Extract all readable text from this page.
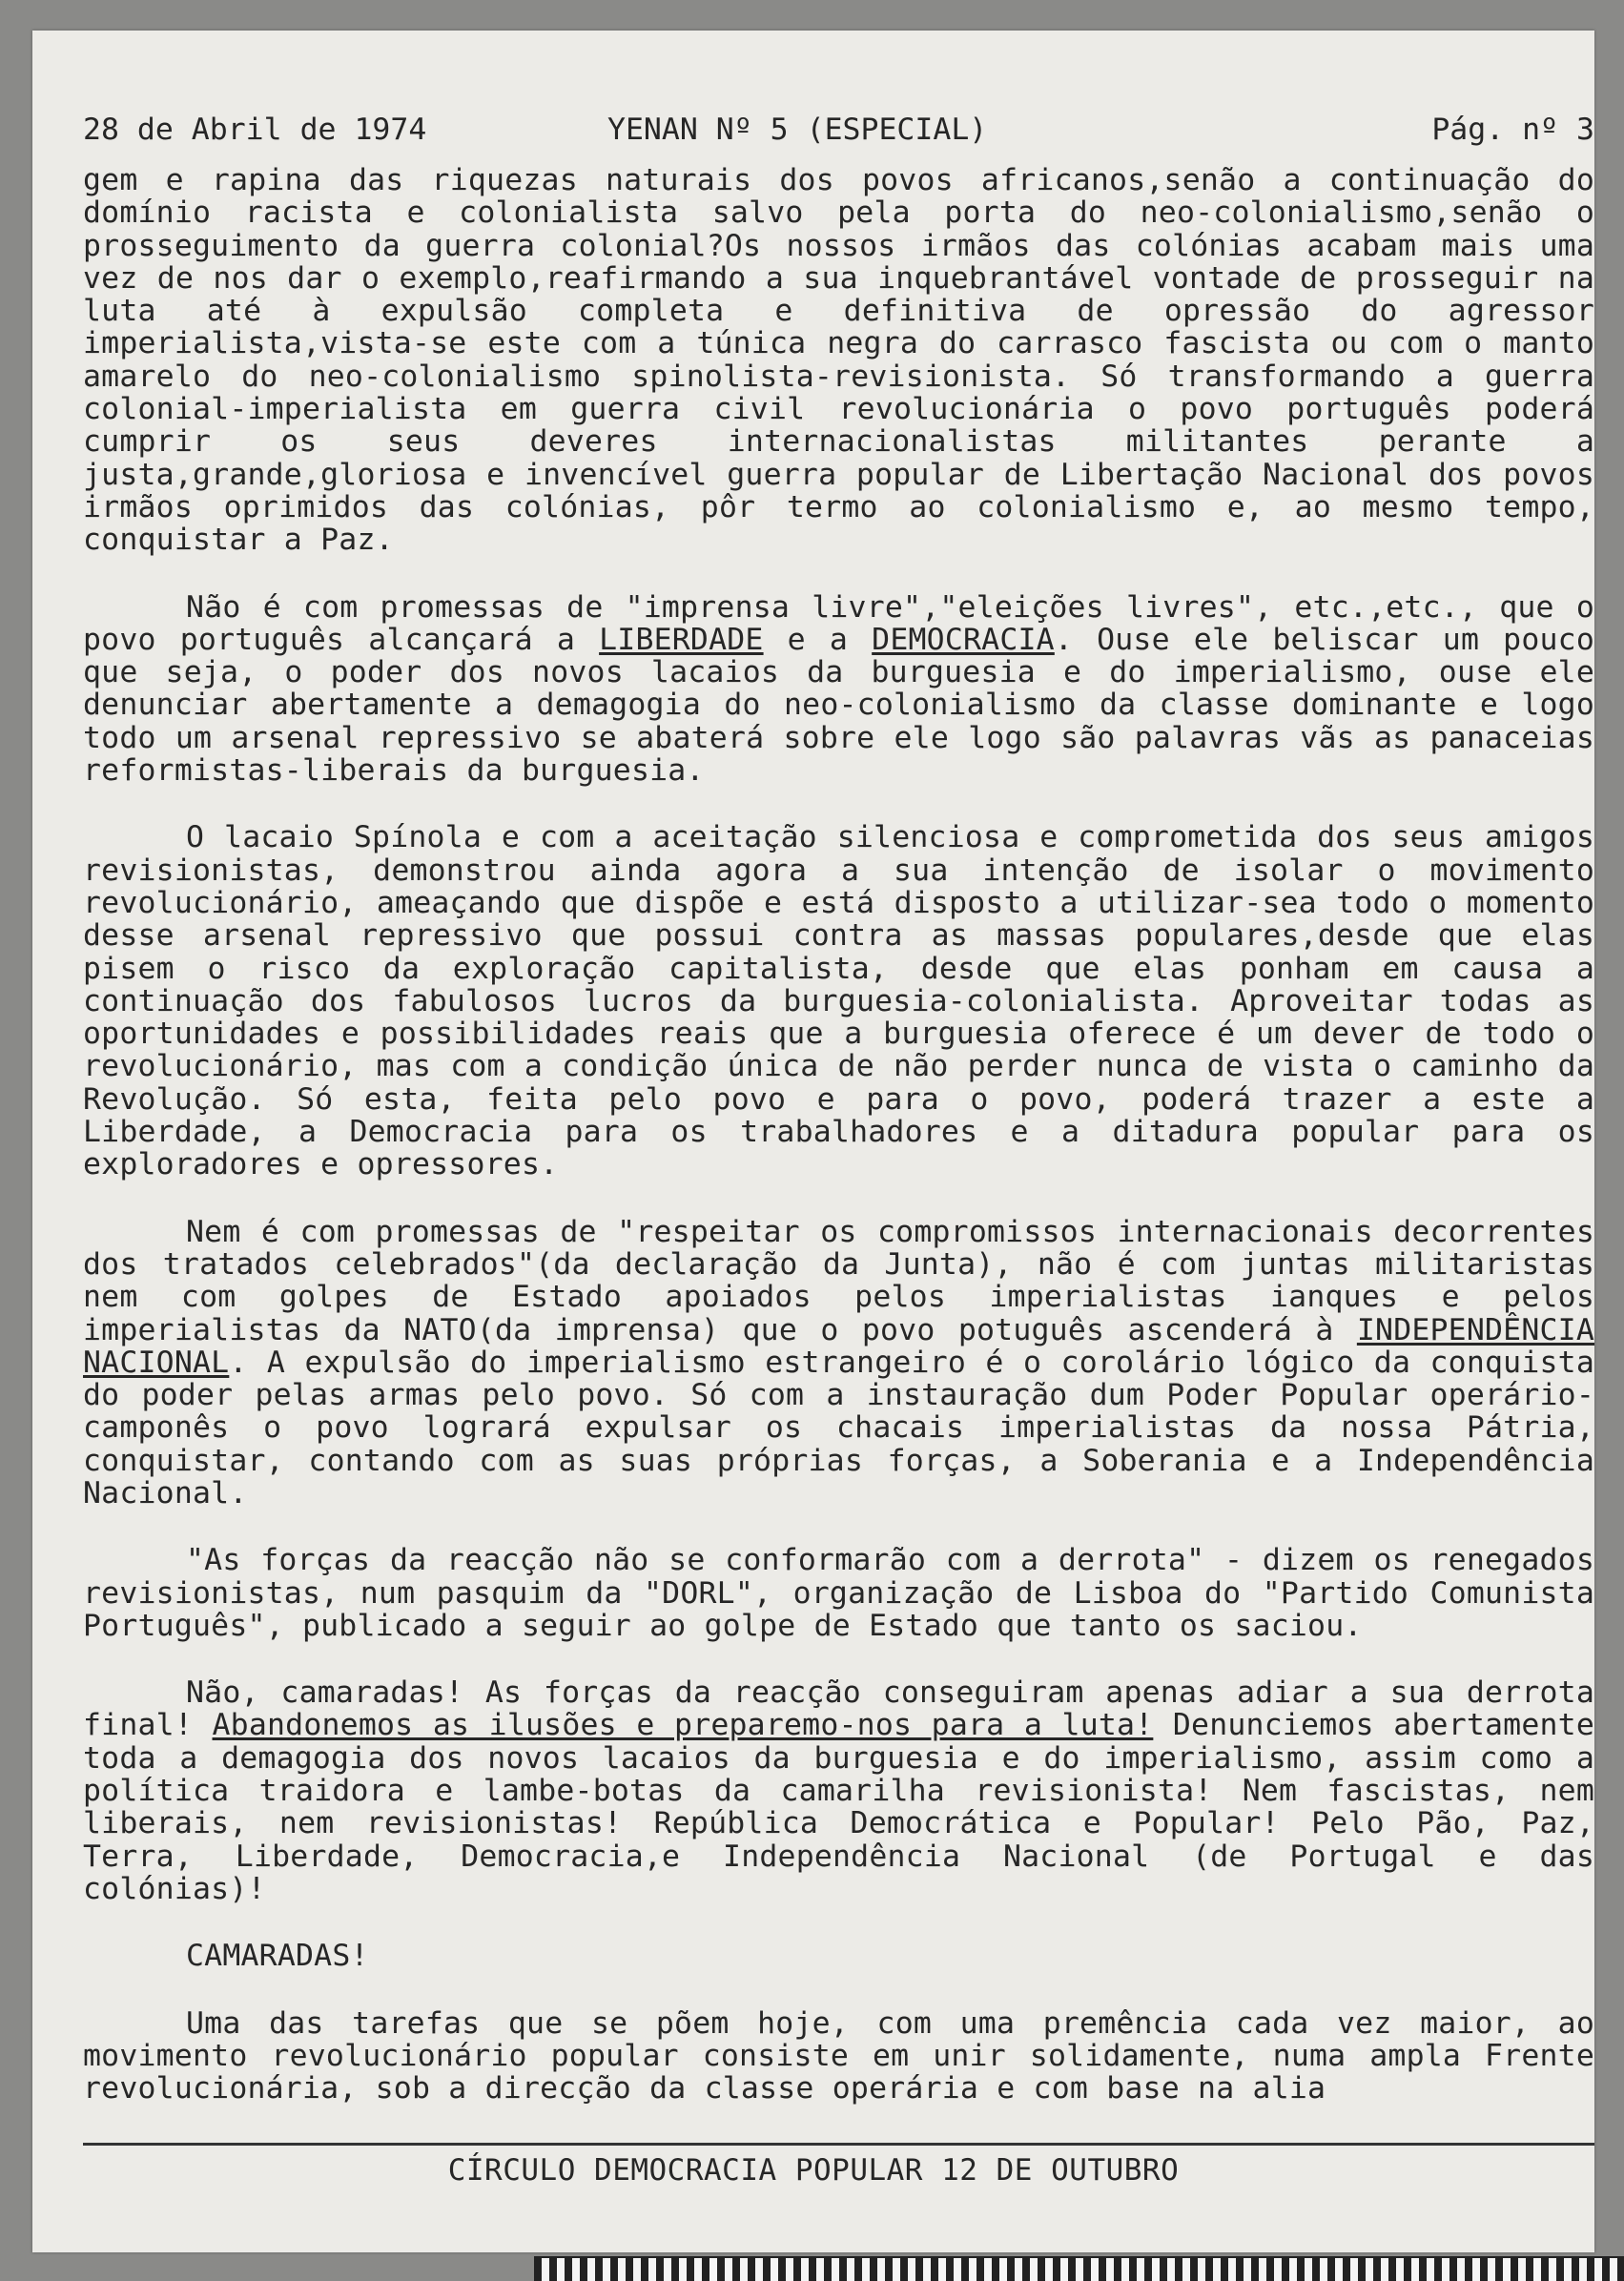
28 de Abril de 1974	YENAN Nº 5 (ESPECIAL)	Pág. nº 3

gem e rapina das riquezas naturais dos povos africanos,senão a continuação do domínio racista e colonialista salvo pela porta do neo-colonialismo,senão o prosseguimento da guerra colonial?Os nossos irmãos das colónias acabam mais uma vez de nos dar o exemplo,reafirmando a sua inquebrantável vontade de prosseguir na luta até à expulsão completa e definitiva de opressão do agressor imperialista,vista-se este com a túnica negra do carrasco fascista ou com o manto amarelo do neo-colonialismo spinolista-revisionista. Só transformando a guerra colonial-imperialista em guerra civil revolucionária o povo português poderá cumprir os seus deveres internacionalistas militantes perante a justa,grande,gloriosa e invencível guerra popular de Libertação Nacional dos povos irmãos oprimidos das colónias, pôr termo ao colonialismo e, ao mesmo tempo, conquistar a Paz.

Não é com promessas de "imprensa livre","eleições livres", etc.,etc., que o povo português alcançará a LIBERDADE e a DEMOCRACIA. Ouse ele beliscar um pouco que seja, o poder dos novos lacaios da burguesia e do imperialismo, ouse ele denunciar abertamente a demagogia do neo-colonialismo da classe dominante e logo todo um arsenal repressivo se abaterá sobre ele logo são palavras vãs as panaceias reformistas-liberais da burguesia.

O lacaio Spínola e com a aceitação silenciosa e comprometida dos seus amigos revisionistas, demonstrou ainda agora a sua intenção de isolar o movimento revolucionário, ameaçando que dispõe e está disposto a utilizar-sea todo o momento desse arsenal repressivo que possui contra as massas populares,desde que elas pisem o risco da exploração capitalista, desde que elas ponham em causa a continuação dos fabulosos lucros da burguesia-colonialista. Aproveitar todas as oportunidades e possibilidades reais que a burguesia oferece é um dever de todo o revolucionário, mas com a condição única de não perder nunca de vista o caminho da Revolução. Só esta, feita pelo povo e para o povo, poderá trazer a este a Liberdade, a Democracia para os trabalhadores e a ditadura popular para os exploradores e opressores.

Nem é com promessas de "respeitar os compromissos internacionais decorrentes dos tratados celebrados"(da declaração da Junta), não é com juntas militaristas nem com golpes de Estado apoiados pelos imperialistas ianques e pelos imperialistas da NATO(da imprensa) que o povo potuguês ascenderá à INDEPENDÊNCIA NACIONAL. A expulsão do imperialismo estrangeiro é o corolário lógico da conquista do poder pelas armas pelo povo. Só com a instauração dum Poder Popular operário-camponês o povo logrará expulsar os chacais imperialistas da nossa Pátria, conquistar, contando com as suas próprias forças, a Soberania e a Independência Nacional.

"As forças da reacção não se conformarão com a derrota" - dizem os renegados revisionistas, num pasquim da "DORL", organização de Lisboa do "Partido Comunista Português", publicado a seguir ao golpe de Estado que tanto os saciou.

Não, camaradas! As forças da reacção conseguiram apenas adiar a sua derrota final! Abandonemos as ilusões e preparemo-nos para a luta! Denunciemos abertamente toda a demagogia dos novos lacaios da burguesia e do imperialismo, assim como a política traidora e lambe-botas da camarilha revisionista! Nem fascistas, nem liberais, nem revisionistas! República Democrática e Popular! Pelo Pão, Paz, Terra, Liberdade, Democracia,e Independência Nacional (de Portugal e das colónias)!

CAMARADAS!

Uma das tarefas que se põem hoje, com uma premência cada vez maior, ao movimento revolucionário popular consiste em unir solidamente, numa ampla Frente revolucionária, sob a direcção da classe operária e com base na alia

CÍRCULO DEMOCRACIA POPULAR 12 DE OUTUBRO
